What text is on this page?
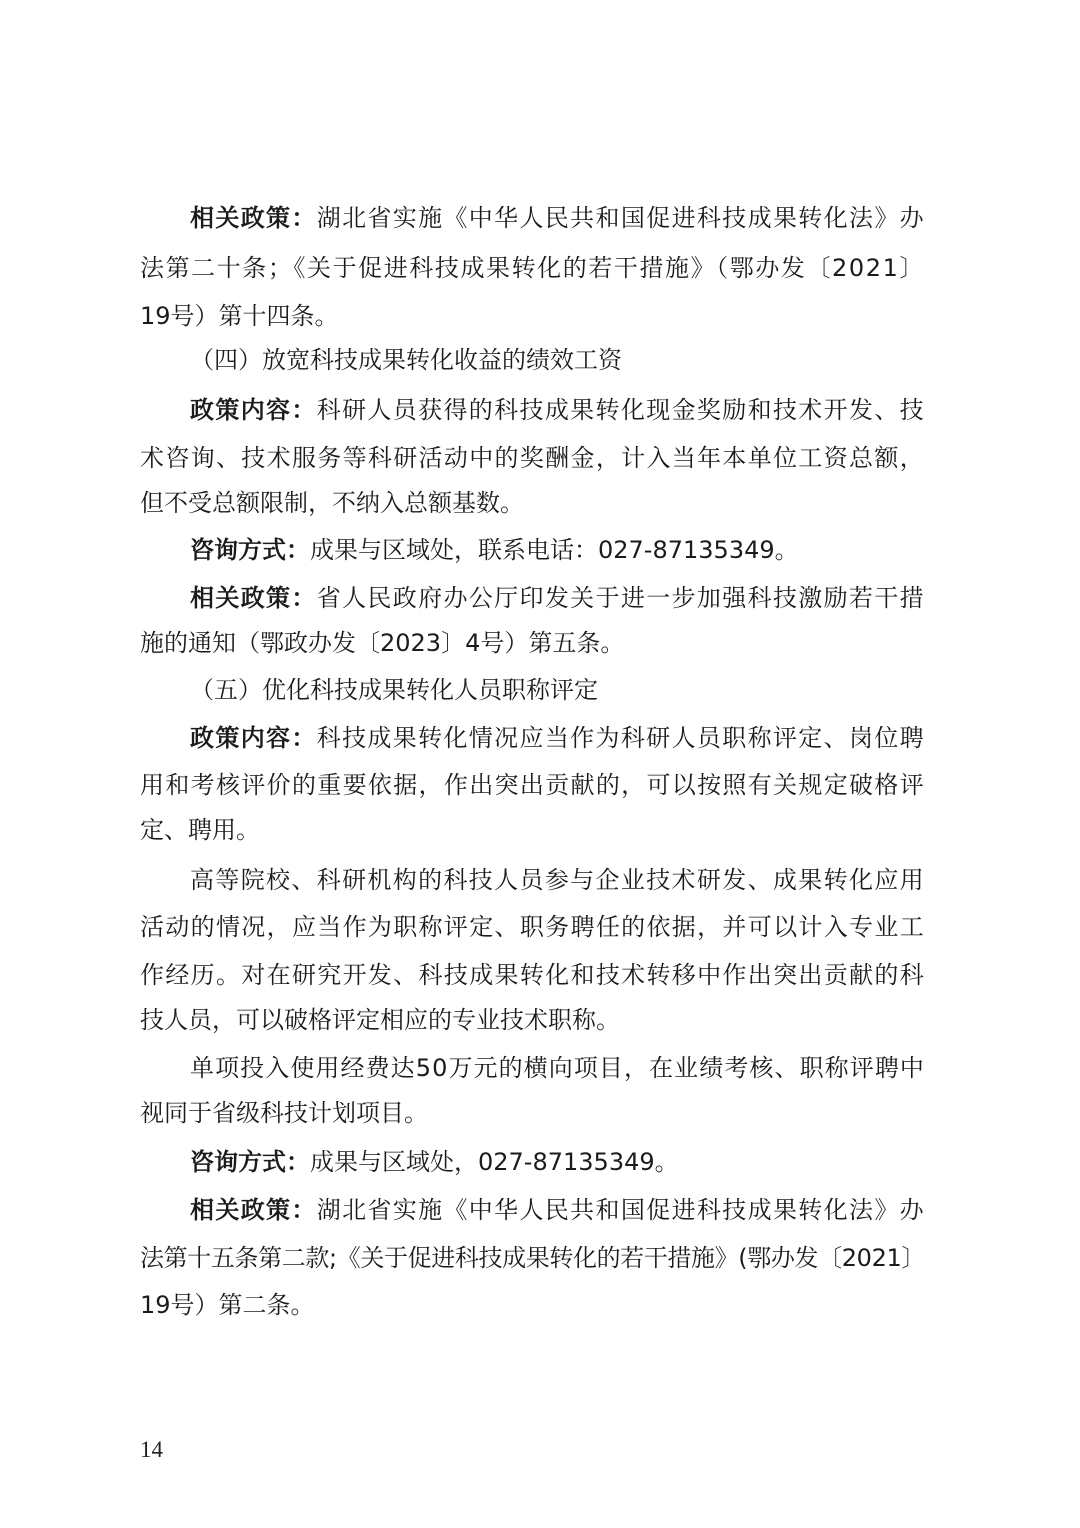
相关政策：湖北省实施《中华人民共和国促进科技成果转化法》办
法第二十条；《关于促进科技成果转化的若干措施》（鄂办发〔2021〕
19号）第十四条。
（四）放宽科技成果转化收益的绩效工资
政策内容：科研人员获得的科技成果转化现金奖励和技术开发、技
术咨询、技术服务等科研活动中的奖酬金，计入当年本单位工资总额，
但不受总额限制，不纳入总额基数。
咨询方式：成果与区域处，联系电话：027-87135349。
相关政策：省人民政府办公厅印发关于进一步加强科技激励若干措
施的通知（鄂政办发〔2023〕4号）第五条。
（五）优化科技成果转化人员职称评定
政策内容：科技成果转化情况应当作为科研人员职称评定、岗位聘
用和考核评价的重要依据，作出突出贡献的，可以按照有关规定破格评
定、聘用。
高等院校、科研机构的科技人员参与企业技术研发、成果转化应用
活动的情况，应当作为职称评定、职务聘任的依据，并可以计入专业工
作经历。对在研究开发、科技成果转化和技术转移中作出突出贡献的科
技人员，可以破格评定相应的专业技术职称。
单项投入使用经费达50万元的横向项目，在业绩考核、职称评聘中
视同于省级科技计划项目。
咨询方式：成果与区域处，027-87135349。
相关政策：湖北省实施《中华人民共和国促进科技成果转化法》办
法第十五条第二款;《关于促进科技成果转化的若干措施》(鄂办发〔2021〕
19号）第二条。
14
